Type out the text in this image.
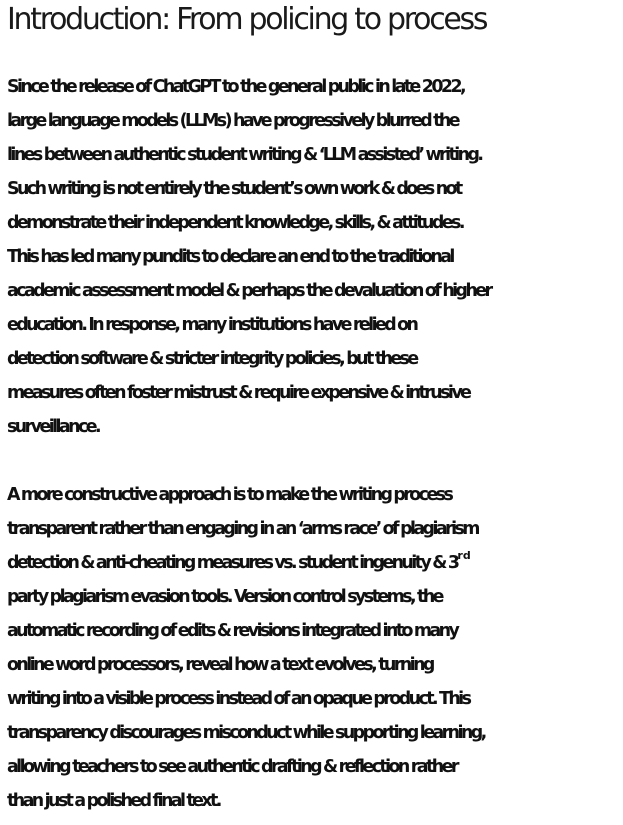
Introduction: From policing to process
Since the release of ChatGPT to the general public in late 2022,
large language models (LLMs) have progressively blurred the
lines between authentic student writing & ‘LLM assisted’ writing.
Such writing is not entirely the student’s own work & does not
demonstrate their independent knowledge, skills, & attitudes.
This has led many pundits to declare an end to the traditional
academic assessment model & perhaps the devaluation of higher
education. In response, many institutions have relied on
detection software & stricter integrity policies, but these
measures often foster mistrust & require expensive & intrusive
surveillance.
A more constructive approach is to make the writing process
transparent rather than engaging in an ‘arms race’ of plagiarism
detection & anti-cheating measures vs. student ingenuity & 3rd
party plagiarism evasion tools. Version control systems, the
automatic recording of edits & revisions integrated into many
online word processors, reveal how a text evolves, turning
writing into a visible process instead of an opaque product. This
transparency discourages misconduct while supporting learning,
allowing teachers to see authentic drafting & reflection rather
than just a polished final text.
